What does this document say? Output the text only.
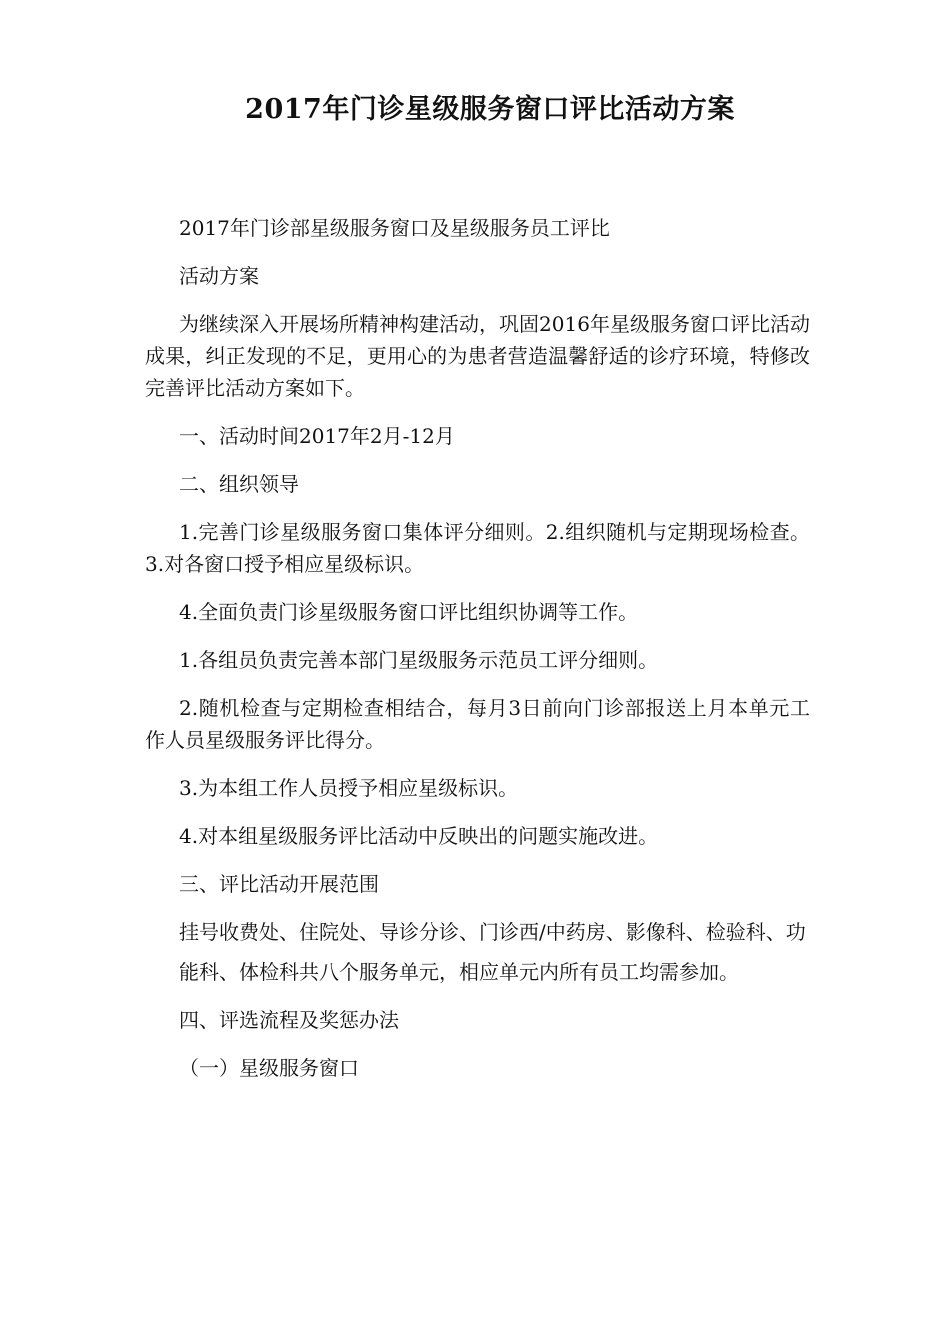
2017年门诊星级服务窗口评比活动方案

2017年门诊部星级服务窗口及星级服务员工评比

活动方案

为继续深入开展场所精神构建活动，巩固2016年星级服务窗口评比活动成果，纠正发现的不足，更用心的为患者营造温馨舒适的诊疗环境，特修改完善评比活动方案如下。

一、活动时间2017年2月-12月

二、组织领导

1.完善门诊星级服务窗口集体评分细则。2.组织随机与定期现场检查。3.对各窗口授予相应星级标识。

4.全面负责门诊星级服务窗口评比组织协调等工作。

1.各组员负责完善本部门星级服务示范员工评分细则。

2.随机检查与定期检查相结合，每月3日前向门诊部报送上月本单元工作人员星级服务评比得分。

3.为本组工作人员授予相应星级标识。

4.对本组星级服务评比活动中反映出的问题实施改进。

三、评比活动开展范围

挂号收费处、住院处、导诊分诊、门诊西/中药房、影像科、检验科、功

能科、体检科共八个服务单元，相应单元内所有员工均需参加。

四、评选流程及奖惩办法

（一）星级服务窗口
